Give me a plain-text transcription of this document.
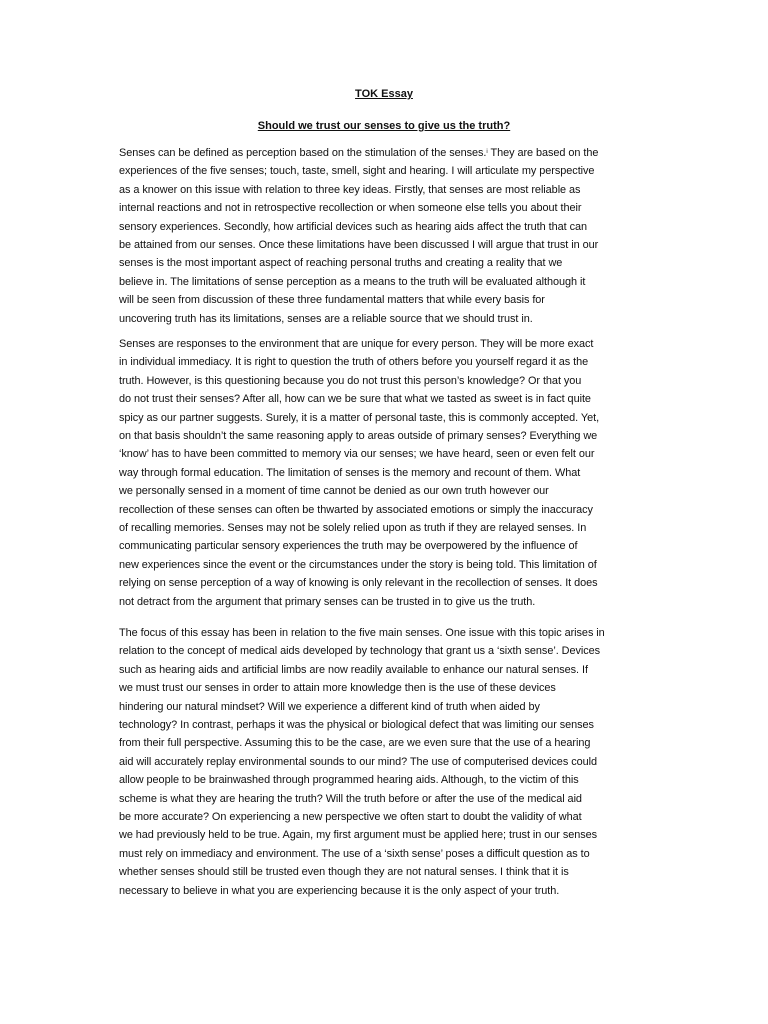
TOK Essay
Should we trust our senses to give us the truth?

Senses can be defined as perception based on the stimulation of the senses.$^i$ They are based on the
experiences of the five senses; touch, taste, smell, sight and hearing. I will articulate my perspective
as a knower on this issue with relation to three key ideas. Firstly, that senses are most reliable as
internal reactions and not in retrospective recollection or when someone else tells you about their
sensory experiences. Secondly, how artificial devices such as hearing aids affect the truth that can
be attained from our senses. Once these limitations have been discussed I will argue that trust in our
senses is the most important aspect of reaching personal truths and creating a reality that we
believe in. The limitations of sense perception as a means to the truth will be evaluated although it
will be seen from discussion of these three fundamental matters that while every basis for
uncovering truth has its limitations, senses are a reliable source that we should trust in.

Senses are responses to the environment that are unique for every person. They will be more exact
in individual immediacy. It is right to question the truth of others before you yourself regard it as the
truth. However, is this questioning because you do not trust this person’s knowledge? Or that you
do not trust their senses? After all, how can we be sure that what we tasted as sweet is in fact quite
spicy as our partner suggests. Surely, it is a matter of personal taste, this is commonly accepted. Yet,
on that basis shouldn’t the same reasoning apply to areas outside of primary senses? Everything we
‘know’ has to have been committed to memory via our senses; we have heard, seen or even felt our
way through formal education. The limitation of senses is the memory and recount of them. What
we personally sensed in a moment of time cannot be denied as our own truth however our
recollection of these senses can often be thwarted by associated emotions or simply the inaccuracy
of recalling memories. Senses may not be solely relied upon as truth if they are relayed senses. In
communicating particular sensory experiences the truth may be overpowered by the influence of
new experiences since the event or the circumstances under the story is being told. This limitation of
relying on sense perception of a way of knowing is only relevant in the recollection of senses. It does
not detract from the argument that primary senses can be trusted in to give us the truth.

The focus of this essay has been in relation to the five main senses. One issue with this topic arises in
relation to the concept of medical aids developed by technology that grant us a ‘sixth sense’. Devices
such as hearing aids and artificial limbs are now readily available to enhance our natural senses. If
we must trust our senses in order to attain more knowledge then is the use of these devices
hindering our natural mindset? Will we experience a different kind of truth when aided by
technology? In contrast, perhaps it was the physical or biological defect that was limiting our senses
from their full perspective. Assuming this to be the case, are we even sure that the use of a hearing
aid will accurately replay environmental sounds to our mind? The use of computerised devices could
allow people to be brainwashed through programmed hearing aids. Although, to the victim of this
scheme is what they are hearing the truth? Will the truth before or after the use of the medical aid
be more accurate? On experiencing a new perspective we often start to doubt the validity of what
we had previously held to be true. Again, my first argument must be applied here; trust in our senses
must rely on immediacy and environment. The use of a ‘sixth sense’ poses a difficult question as to
whether senses should still be trusted even though they are not natural senses. I think that it is
necessary to believe in what you are experiencing because it is the only aspect of your truth.
